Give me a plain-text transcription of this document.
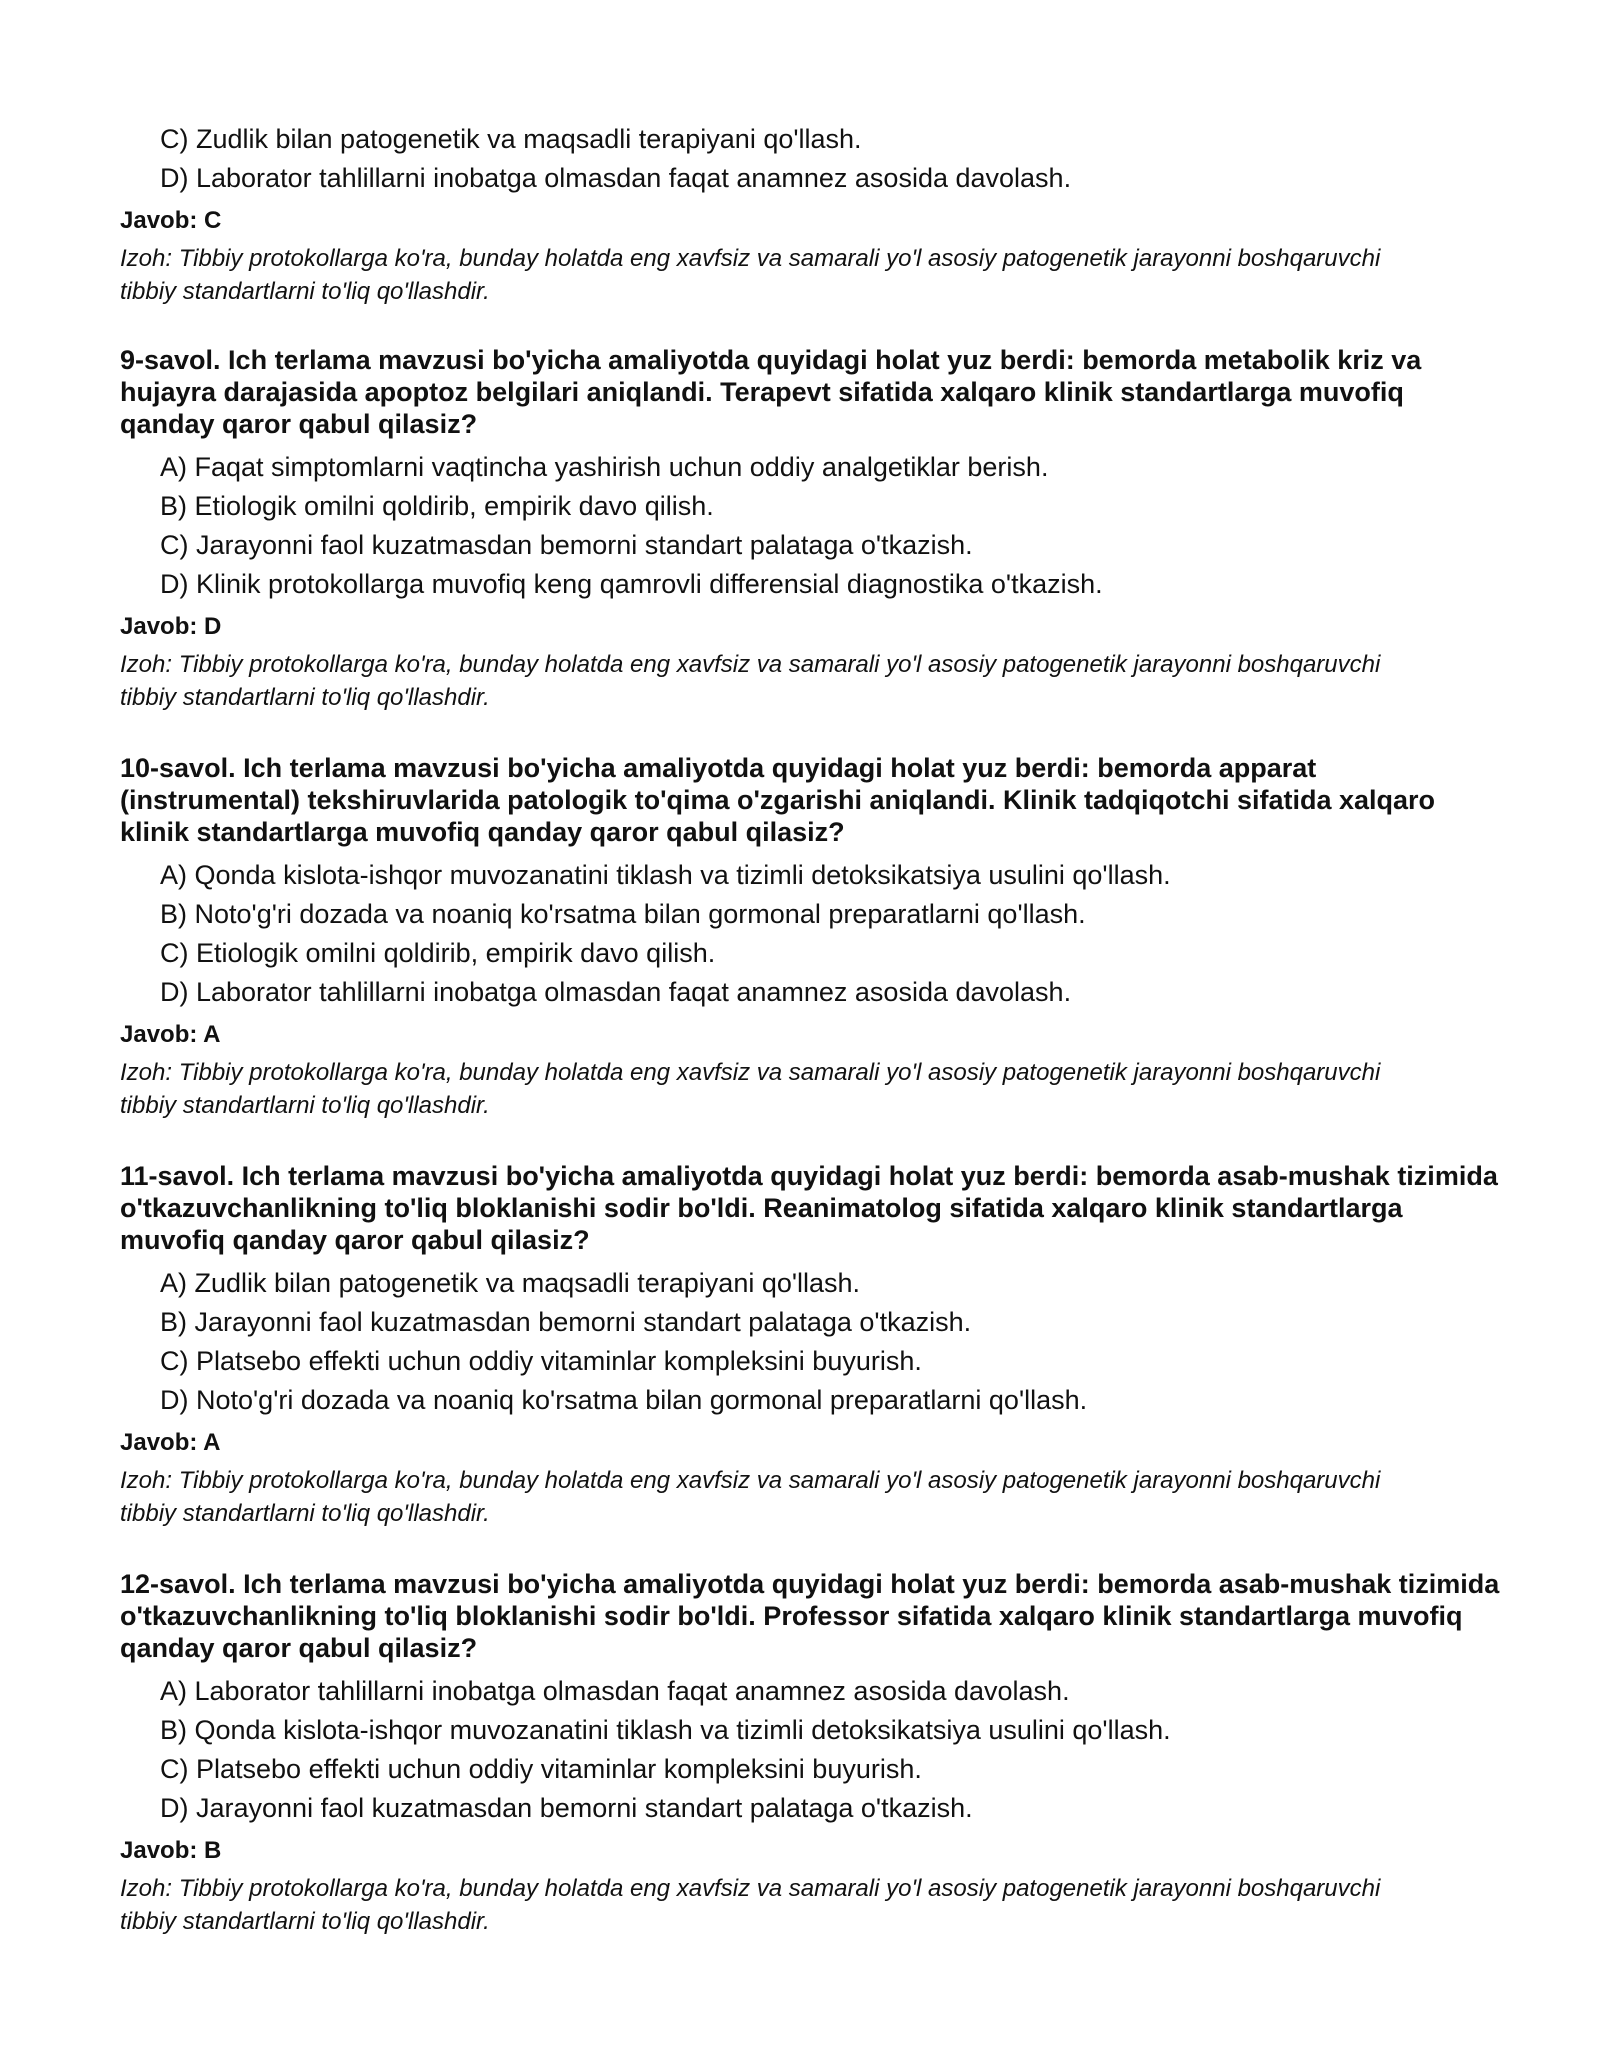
C) Zudlik bilan patogenetik va maqsadli terapiyani qo'llash.
D) Laborator tahlillarni inobatga olmasdan faqat anamnez asosida davolash.
Javob: C
Izoh: Tibbiy protokollarga ko'ra, bunday holatda eng xavfsiz va samarali yo'l asosiy patogenetik jarayonni boshqaruvchi tibbiy standartlarni to'liq qo'llashdir.
9-savol. Ich terlama mavzusi bo'yicha amaliyotda quyidagi holat yuz berdi: bemorda metabolik kriz va hujayra darajasida apoptoz belgilari aniqlandi. Terapevt sifatida xalqaro klinik standartlarga muvofiq qanday qaror qabul qilasiz?
A) Faqat simptomlarni vaqtincha yashirish uchun oddiy analgetiklar berish.
B) Etiologik omilni qoldirib, empirik davo qilish.
C) Jarayonni faol kuzatmasdan bemorni standart palataga o'tkazish.
D) Klinik protokollarga muvofiq keng qamrovli differensial diagnostika o'tkazish.
Javob: D
Izoh: Tibbiy protokollarga ko'ra, bunday holatda eng xavfsiz va samarali yo'l asosiy patogenetik jarayonni boshqaruvchi tibbiy standartlarni to'liq qo'llashdir.
10-savol. Ich terlama mavzusi bo'yicha amaliyotda quyidagi holat yuz berdi: bemorda apparat (instrumental) tekshiruvlarida patologik to'qima o'zgarishi aniqlandi. Klinik tadqiqotchi sifatida xalqaro klinik standartlarga muvofiq qanday qaror qabul qilasiz?
A) Qonda kislota-ishqor muvozanatini tiklash va tizimli detoksikatsiya usulini qo'llash.
B) Noto'g'ri dozada va noaniq ko'rsatma bilan gormonal preparatlarni qo'llash.
C) Etiologik omilni qoldirib, empirik davo qilish.
D) Laborator tahlillarni inobatga olmasdan faqat anamnez asosida davolash.
Javob: A
Izoh: Tibbiy protokollarga ko'ra, bunday holatda eng xavfsiz va samarali yo'l asosiy patogenetik jarayonni boshqaruvchi tibbiy standartlarni to'liq qo'llashdir.
11-savol. Ich terlama mavzusi bo'yicha amaliyotda quyidagi holat yuz berdi: bemorda asab-mushak tizimida o'tkazuvchanlikning to'liq bloklanishi sodir bo'ldi. Reanimatolog sifatida xalqaro klinik standartlarga muvofiq qanday qaror qabul qilasiz?
A) Zudlik bilan patogenetik va maqsadli terapiyani qo'llash.
B) Jarayonni faol kuzatmasdan bemorni standart palataga o'tkazish.
C) Platsebo effekti uchun oddiy vitaminlar kompleksini buyurish.
D) Noto'g'ri dozada va noaniq ko'rsatma bilan gormonal preparatlarni qo'llash.
Javob: A
Izoh: Tibbiy protokollarga ko'ra, bunday holatda eng xavfsiz va samarali yo'l asosiy patogenetik jarayonni boshqaruvchi tibbiy standartlarni to'liq qo'llashdir.
12-savol. Ich terlama mavzusi bo'yicha amaliyotda quyidagi holat yuz berdi: bemorda asab-mushak tizimida o'tkazuvchanlikning to'liq bloklanishi sodir bo'ldi. Professor sifatida xalqaro klinik standartlarga muvofiq qanday qaror qabul qilasiz?
A) Laborator tahlillarni inobatga olmasdan faqat anamnez asosida davolash.
B) Qonda kislota-ishqor muvozanatini tiklash va tizimli detoksikatsiya usulini qo'llash.
C) Platsebo effekti uchun oddiy vitaminlar kompleksini buyurish.
D) Jarayonni faol kuzatmasdan bemorni standart palataga o'tkazish.
Javob: B
Izoh: Tibbiy protokollarga ko'ra, bunday holatda eng xavfsiz va samarali yo'l asosiy patogenetik jarayonni boshqaruvchi tibbiy standartlarni to'liq qo'llashdir.
